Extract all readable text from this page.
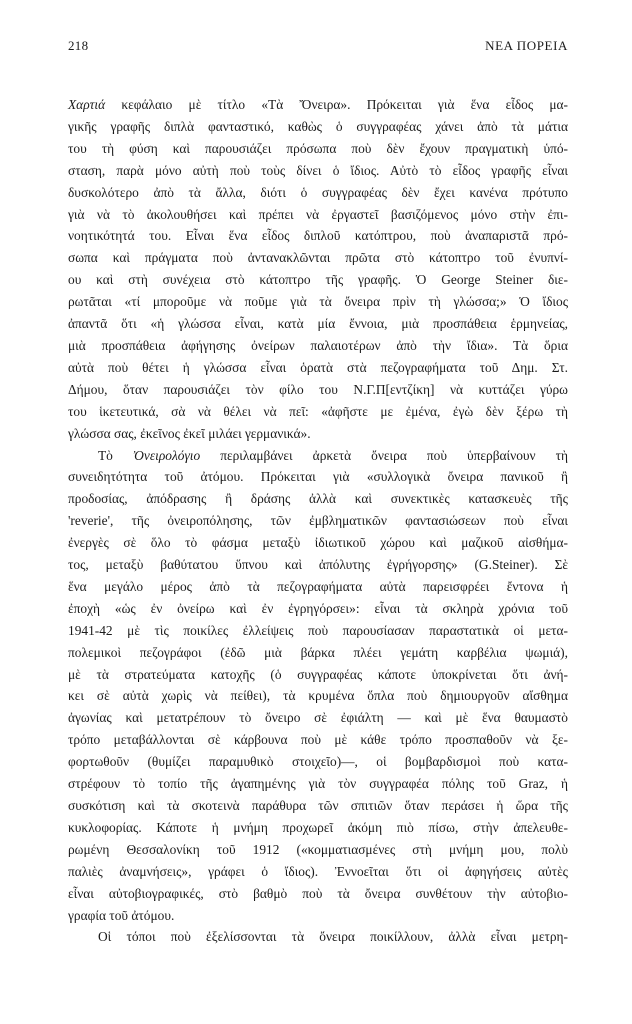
218	ΝΕΑ ΠΟΡΕΙΑ

Χαρτιά κεφάλαιο μὲ τίτλο «Τὰ Ὄνειρα». Πρόκειται γιὰ ἕνα εἶδος μα-
γικῆς γραφῆς διπλὰ φανταστικό, καθὼς ὁ συγγραφέας χάνει ἀπὸ τὰ μάτια
του τὴ φύση καὶ παρουσιάζει πρόσωπα ποὺ δὲν ἔχουν πραγματικὴ ὑπό-
σταση, παρὰ μόνο αὐτὴ ποὺ τοὺς δίνει ὁ ἴδιος. Αὐτὸ τὸ εἶδος γραφῆς εἶναι
δυσκολότερο ἀπὸ τὰ ἄλλα, διότι ὁ συγγραφέας δὲν ἔχει κανένα πρότυπο
γιὰ νὰ τὸ ἀκολουθήσει καὶ πρέπει νὰ ἐργαστεῖ βασιζόμενος μόνο στὴν ἐπι-
νοητικότητά του. Εἶναι ἕνα εἶδος διπλοῦ κατόπτρου, ποὺ ἀναπαριστᾶ πρό-
σωπα καὶ πράγματα ποὺ ἀντανακλῶνται πρῶτα στὸ κάτοπτρο τοῦ ἐνυπνί-
ου καὶ στὴ συνέχεια στὸ κάτοπτρο τῆς γραφῆς. Ὁ George Steiner διε-
ρωτᾶται «τί μποροῦμε νὰ ποῦμε γιὰ τὰ ὄνειρα πρὶν τὴ γλώσσα;» Ὁ ἴδιος
ἀπαντᾶ ὅτι «ἡ γλώσσα εἶναι, κατὰ μία ἔννοια, μιὰ προσπάθεια ἑρμηνείας,
μιὰ προσπάθεια ἀφήγησης ὀνείρων παλαιοτέρων ἀπὸ τὴν ἴδια». Τὰ ὅρια
αὐτὰ ποὺ θέτει ἡ γλώσσα εἶναι ὁρατὰ στὰ πεζογραφήματα τοῦ Δημ. Στ.
Δήμου, ὅταν παρουσιάζει τὸν φίλο του Ν.Γ.Π[εντζίκη] νὰ κυττάζει γύρω
του ἱκετευτικά, σὰ νὰ θέλει νὰ πεῖ: «ἀφῆστε με ἐμένα, ἐγὼ δὲν ξέρω τὴ
γλώσσα σας, ἐκεῖνος ἐκεῖ μιλάει γερμανικά».

Τὸ Ὀνειρολόγιο περιλαμβάνει ἀρκετὰ ὄνειρα ποὺ ὑπερβαίνουν τὴ
συνειδητότητα τοῦ ἀτόμου. Πρόκειται γιὰ «συλλογικὰ ὄνειρα πανικοῦ ἢ
προδοσίας, ἀπόδρασης ἢ δράσης ἀλλὰ καὶ συνεκτικὲς κατασκευὲς τῆς
'reverie', τῆς ὀνειροπόλησης, τῶν ἐμβληματικῶν φαντασιώσεων ποὺ εἶναι
ἐνεργὲς σὲ ὅλο τὸ φάσμα μεταξὺ ἰδιωτικοῦ χώρου καὶ μαζικοῦ αἰσθήμα-
τος, μεταξὺ βαθύτατου ὕπνου καὶ ἀπόλυτης ἐγρήγορσης» (G.Steiner). Σὲ
ἕνα μεγάλο μέρος ἀπὸ τὰ πεζογραφήματα αὐτὰ παρεισφρέει ἔντονα ἡ
ἐποχὴ «ὡς ἐν ὀνείρω καὶ ἐν ἐγρηγόρσει»: εἶναι τὰ σκληρὰ χρόνια τοῦ
1941-42 μὲ τὶς ποικίλες ἐλλείψεις ποὺ παρουσίασαν παραστατικὰ οἱ μετα-
πολεμικοὶ πεζογράφοι (ἐδῶ μιὰ βάρκα πλέει γεμάτη καρβέλια ψωμιά),
μὲ τὰ στρατεύματα κατοχῆς (ὁ συγγραφέας κάποτε ὑποκρίνεται ὅτι ἀνή-
κει σὲ αὐτὰ χωρὶς νὰ πείθει), τὰ κρυμένα ὅπλα ποὺ δημιουργοῦν αἴσθημα
ἀγωνίας καὶ μετατρέπουν τὸ ὄνειρο σὲ ἐφιάλτη — καὶ μὲ ἕνα θαυμαστὸ
τρόπο μεταβάλλονται σὲ κάρβουνα ποὺ μὲ κάθε τρόπο προσπαθοῦν νὰ ξε-
φορτωθοῦν (θυμίζει παραμυθικὸ στοιχεῖο)—, οἱ βομβαρδισμοὶ ποὺ κατα-
στρέφουν τὸ τοπίο τῆς ἀγαπημένης γιὰ τὸν συγγραφέα πόλης τοῦ Graz, ἡ
συσκότιση καὶ τὰ σκοτεινὰ παράθυρα τῶν σπιτιῶν ὅταν περάσει ἡ ὥρα τῆς
κυκλοφορίας. Κάποτε ἡ μνήμη προχωρεῖ ἀκόμη πιὸ πίσω, στὴν ἀπελευθε-
ρωμένη Θεσσαλονίκη τοῦ 1912 («κομματιασμένες στὴ μνήμη μου, πολὺ
παλιὲς ἀναμνήσεις», γράφει ὁ ἴδιος). Ἐννοεῖται ὅτι οἱ ἀφηγήσεις αὐτὲς
εἶναι αὐτοβιογραφικές, στὸ βαθμὸ ποὺ τὰ ὄνειρα συνθέτουν τὴν αὐτοβιο-
γραφία τοῦ ἀτόμου.

Οἱ τόποι ποὺ ἐξελίσσονται τὰ ὄνειρα ποικίλλουν, ἀλλὰ εἶναι μετρη-
